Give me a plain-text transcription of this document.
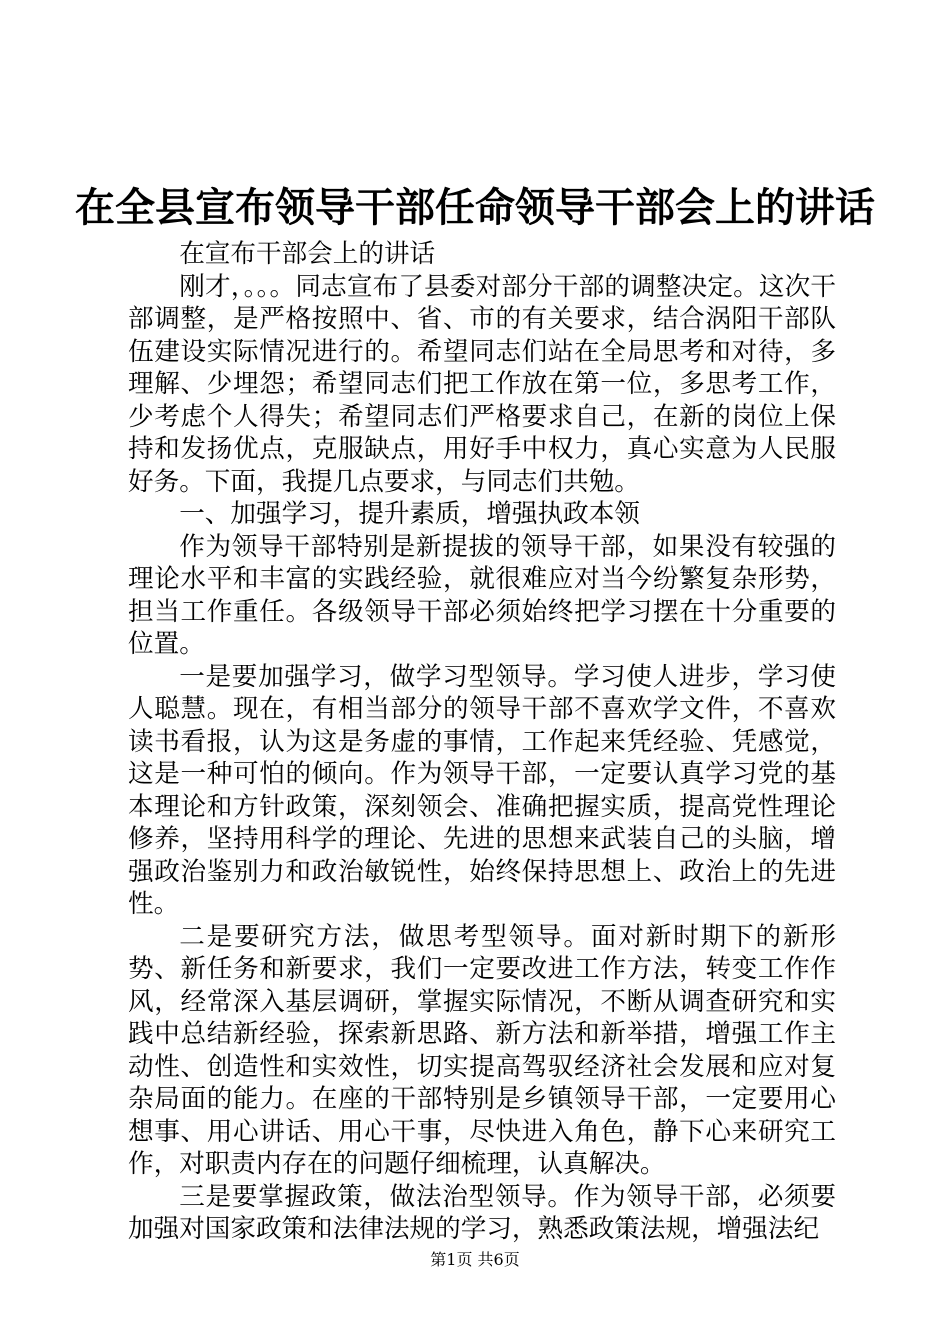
在全县宣布领导干部任命领导干部会上的讲话

在宣布干部会上的讲话

刚才，。。。同志宣布了县委对部分干部的调整决定。这次干部调整，是严格按照中、省、市的有关要求，结合涡阳干部队伍建设实际情况进行的。希望同志们站在全局思考和对待，多理解、少埋怨；希望同志们把工作放在第一位，多思考工作，少考虑个人得失；希望同志们严格要求自己，在新的岗位上保持和发扬优点，克服缺点，用好手中权力，真心实意为人民服好务。下面，我提几点要求，与同志们共勉。

一、加强学习，提升素质，增强执政本领

作为领导干部特别是新提拔的领导干部，如果没有较强的理论水平和丰富的实践经验，就很难应对当今纷繁复杂形势，担当工作重任。各级领导干部必须始终把学习摆在十分重要的位置。

一是要加强学习，做学习型领导。学习使人进步，学习使人聪慧。现在，有相当部分的领导干部不喜欢学文件，不喜欢读书看报，认为这是务虚的事情，工作起来凭经验、凭感觉，这是一种可怕的倾向。作为领导干部，一定要认真学习党的基本理论和方针政策，深刻领会、准确把握实质，提高党性理论修养，坚持用科学的理论、先进的思想来武装自己的头脑，增强政治鉴别力和政治敏锐性，始终保持思想上、政治上的先进性。

二是要研究方法，做思考型领导。面对新时期下的新形势、新任务和新要求，我们一定要改进工作方法，转变工作作风，经常深入基层调研，掌握实际情况，不断从调查研究和实践中总结新经验，探索新思路、新方法和新举措，增强工作主动性、创造性和实效性，切实提高驾驭经济社会发展和应对复杂局面的能力。在座的干部特别是乡镇领导干部，一定要用心想事、用心讲话、用心干事，尽快进入角色，静下心来研究工作，对职责内存在的问题仔细梳理，认真解决。

三是要掌握政策，做法治型领导。作为领导干部，必须要加强对国家政策和法律法规的学习，熟悉政策法规，增强法纪

第1页 共6页
